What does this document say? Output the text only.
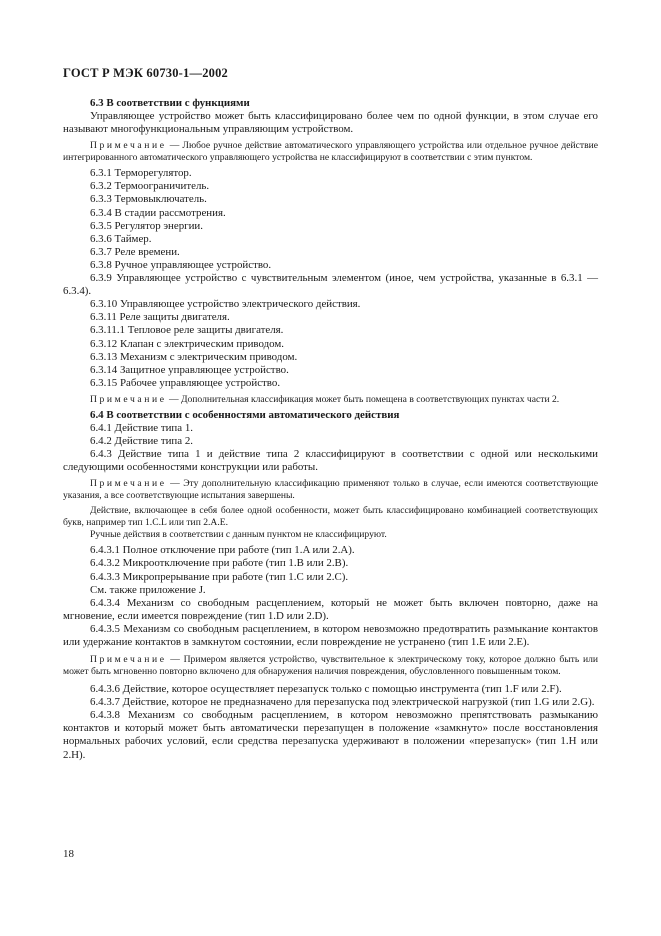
ГОСТ Р МЭК 60730-1—2002

6.3 В соответствии с функциями

Управляющее устройство может быть классифицировано более чем по одной функции, в этом случае его называют многофункциональным управляющим устройством.

Примечание — Любое ручное действие автоматического управляющего устройства или отдельное ручное действие интегрированного автоматического управляющего устройства не классифицируют в соответствии с этим пунктом.

6.3.1 Терморегулятор.

6.3.2 Термоограничитель.

6.3.3 Термовыключатель.

6.3.4 В стадии рассмотрения.

6.3.5 Регулятор энергии.

6.3.6 Таймер.

6.3.7 Реле времени.

6.3.8 Ручное управляющее устройство.

6.3.9 Управляющее устройство с чувствительным элементом (иное, чем устройства, указанные в 6.3.1 — 6.3.4).

6.3.10 Управляющее устройство электрического действия.

6.3.11 Реле защиты двигателя.

6.3.11.1 Тепловое реле защиты двигателя.

6.3.12 Клапан с электрическим приводом.

6.3.13 Механизм с электрическим приводом.

6.3.14 Защитное управляющее устройство.

6.3.15 Рабочее управляющее устройство.

Примечание — Дополнительная классификация может быть помещена в соответствующих пунктах части 2.

6.4 В соответствии с особенностями автоматического действия

6.4.1 Действие типа 1.

6.4.2 Действие типа 2.

6.4.3 Действие типа 1 и действие типа 2 классифицируют в соответствии с одной или несколькими следующими особенностями конструкции или работы.

Примечание — Эту дополнительную классификацию применяют только в случае, если имеются соответствующие указания, а все соответствующие испытания завершены.

Действие, включающее в себя более одной особенности, может быть классифицировано комбинацией соответствующих букв, например тип 1.C.L или тип 2.A.E.

Ручные действия в соответствии с данным пунктом не классифицируют.

6.4.3.1 Полное отключение при работе (тип 1.A или 2.A).

6.4.3.2 Микроотключение при работе (тип 1.B или 2.B).

6.4.3.3 Микропрерывание при работе (тип 1.C или 2.C).

См. также приложение J.

6.4.3.4 Механизм со свободным расцеплением, который не может быть включен повторно, даже на мгновение, если имеется повреждение (тип 1.D или 2.D).

6.4.3.5 Механизм со свободным расцеплением, в котором невозможно предотвратить размыкание контактов или удержание контактов в замкнутом состоянии, если повреждение не устранено (тип 1.E или 2.E).

Примечание — Примером является устройство, чувствительное к электрическому току, которое должно быть или может быть мгновенно повторно включено для обнаружения наличия повреждения, обусловленного повышенным током.

6.4.3.6 Действие, которое осуществляет перезапуск только с помощью инструмента (тип 1.F или 2.F).

6.4.3.7 Действие, которое не предназначено для перезапуска под электрической нагрузкой (тип 1.G или 2.G).

6.4.3.8 Механизм со свободным расцеплением, в котором невозможно препятствовать размыканию контактов и который может быть автоматически перезапущен в положение «замкнуто» после восстановления нормальных рабочих условий, если средства перезапуска удерживают в положении «перезапуск» (тип 1.H или 2.H).

18
